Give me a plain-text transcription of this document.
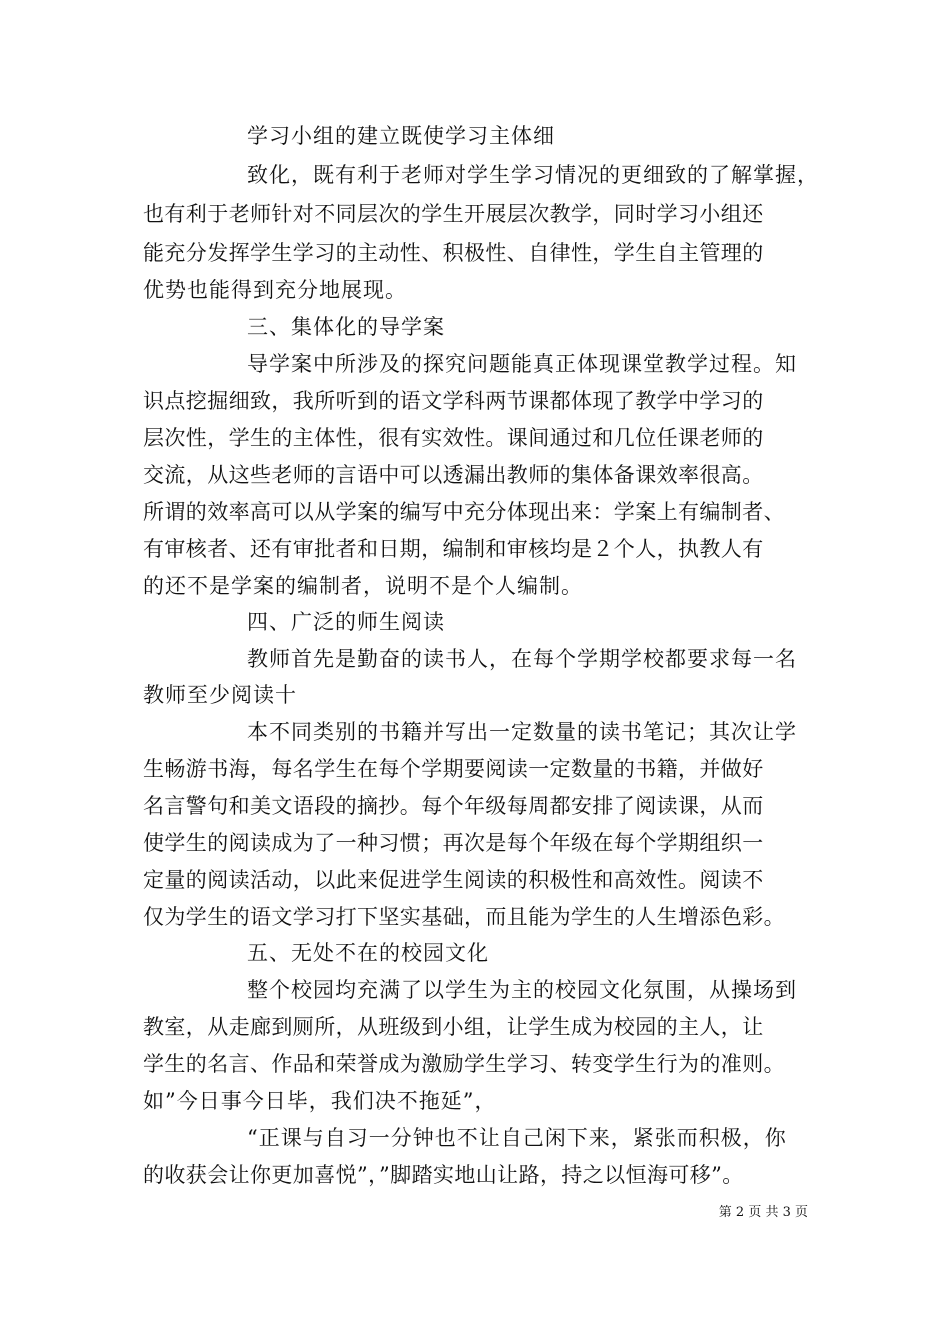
学习小组的建立既使学习主体细
致化，既有利于老师对学生学习情况的更细致的了解掌握，
也有利于老师针对不同层次的学生开展层次教学，同时学习小组还
能充分发挥学生学习的主动性、积极性、自律性，学生自主管理的
优势也能得到充分地展现。
三、集体化的导学案
导学案中所涉及的探究问题能真正体现课堂教学过程。知
识点挖掘细致，我所听到的语文学科两节课都体现了教学中学习的
层次性，学生的主体性，很有实效性。课间通过和几位任课老师的
交流，从这些老师的言语中可以透漏出教师的集体备课效率很高。
所谓的效率高可以从学案的编写中充分体现出来：学案上有编制者、
有审核者、还有审批者和日期，编制和审核均是２个人，执教人有
的还不是学案的编制者，说明不是个人编制。
四、广泛的师生阅读
教师首先是勤奋的读书人，在每个学期学校都要求每一名
教师至少阅读十
本不同类别的书籍并写出一定数量的读书笔记；其次让学
生畅游书海，每名学生在每个学期要阅读一定数量的书籍，并做好
名言警句和美文语段的摘抄。每个年级每周都安排了阅读课，从而
使学生的阅读成为了一种习惯；再次是每个年级在每个学期组织一
定量的阅读活动，以此来促进学生阅读的积极性和高效性。阅读不
仅为学生的语文学习打下坚实基础，而且能为学生的人生增添色彩。
五、无处不在的校园文化
整个校园均充满了以学生为主的校园文化氛围，从操场到
教室，从走廊到厕所，从班级到小组，让学生成为校园的主人，让
学生的名言、作品和荣誉成为激励学生学习、转变学生行为的准则。
如”今日事今日毕，我们决不拖延”，
“正课与自习一分钟也不让自己闲下来，紧张而积极，你
的收获会让你更加喜悦”，”脚踏实地山让路，持之以恒海可移”。
第 2 页 共 3 页
